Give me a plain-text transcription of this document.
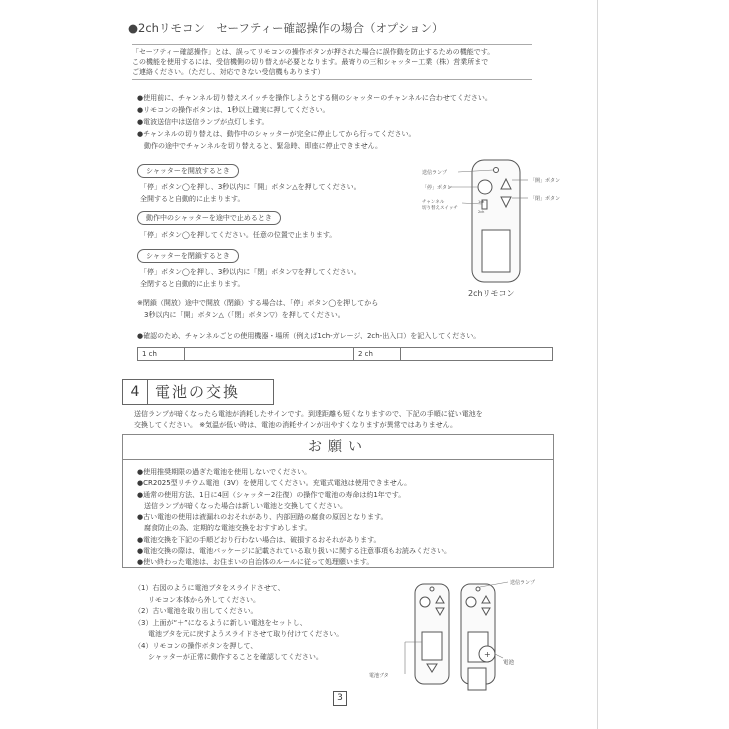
●2chリモコン　セーフティー確認操作の場合（オプション）
「セーフティー確認操作」とは、誤ってリモコンの操作ボタンが押された場合に誤作動を防止するための機能です。
この機能を使用するには、受信機側の切り替えが必要となります。最寄りの三和シャッター工業（株）営業所まで
ご連絡ください。（ただし、対応できない受信機もあります）
●使用前に、チャンネル切り替えスイッチを操作しようとする側のシャッターのチャンネルに合わせてください。
●リモコンの操作ボタンは、1秒以上確実に押してください。
●電波送信中は送信ランプが点灯します。
●チャンネルの切り替えは、動作中のシャッターが完全に停止してから行ってください。
　動作の途中でチャンネルを切り替えると、緊急時、即座に停止できません。
シャッターを開放するとき
「停」ボタン◯を押し、3秒以内に「開」ボタン△を押してください。
全開すると自動的に止まります。
動作中のシャッターを途中で止めるとき
「停」ボタン◯を押してください。任意の位置で止まります。
シャッターを閉鎖するとき
「停」ボタン◯を押し、3秒以内に「閉」ボタン▽を押してください。
全閉すると自動的に止まります。
※閉鎖（開放）途中で開放（閉鎖）する場合は、「停」ボタン◯を押してから
　3秒以内に「開」ボタン△（「閉」ボタン▽）を押してください。
●確認のため、チャンネルごとの使用機器・場所（例えば1ch-ガレージ、2ch-出入口）を記入してください。
1 ch		2 ch	
送信ランプ
「停」ボタン
チャンネル
切り替えスイッチ
「開」ボタン
「閉」ボタン
1ch
2ch
2chリモコン
4	電池の交換
送信ランプが暗くなったら電池が消耗したサインです。到達距離も短くなりますので、下記の手順に従い電池を
交換してください。 ※気温が低い時は、電池の消耗サインが出やすくなりますが異常ではありません。
お願い
●使用推奨期限の過ぎた電池を使用しないでください。
●CR2025型リチウム電池（3V）を使用してください。充電式電池は使用できません。
●通常の使用方法、1日に4回（シャッター2往復）の操作で電池の寿命は約1年です。
　送信ランプが暗くなった場合は新しい電池と交換してください。
●古い電池の使用は液漏れのおそれがあり、内部回路の腐食の原因となります。
　腐食防止の為、定期的な電池交換をおすすめします。
●電池交換を下記の手順どおり行わない場合は、破損するおそれがあります。
●電池交換の際は、電池パッケージに記載されている取り扱いに関する注意事項もお読みください。
●使い終わった電池は、お住まいの自治体のルールに従って処理願います。
（1）右図のように電池ブタをスライドさせて、
　　リモコン本体から外してください。
（2）古い電池を取り出してください。
（3）上面が“＋”になるように新しい電池をセットし、
　　電池ブタを元に戻すようスライドさせて取り付けてください。
（4）リモコンの操作ボタンを押して、
　　シャッターが正常に動作することを確認してください。	+
送信ランプ
電池
電池ブタ
3
